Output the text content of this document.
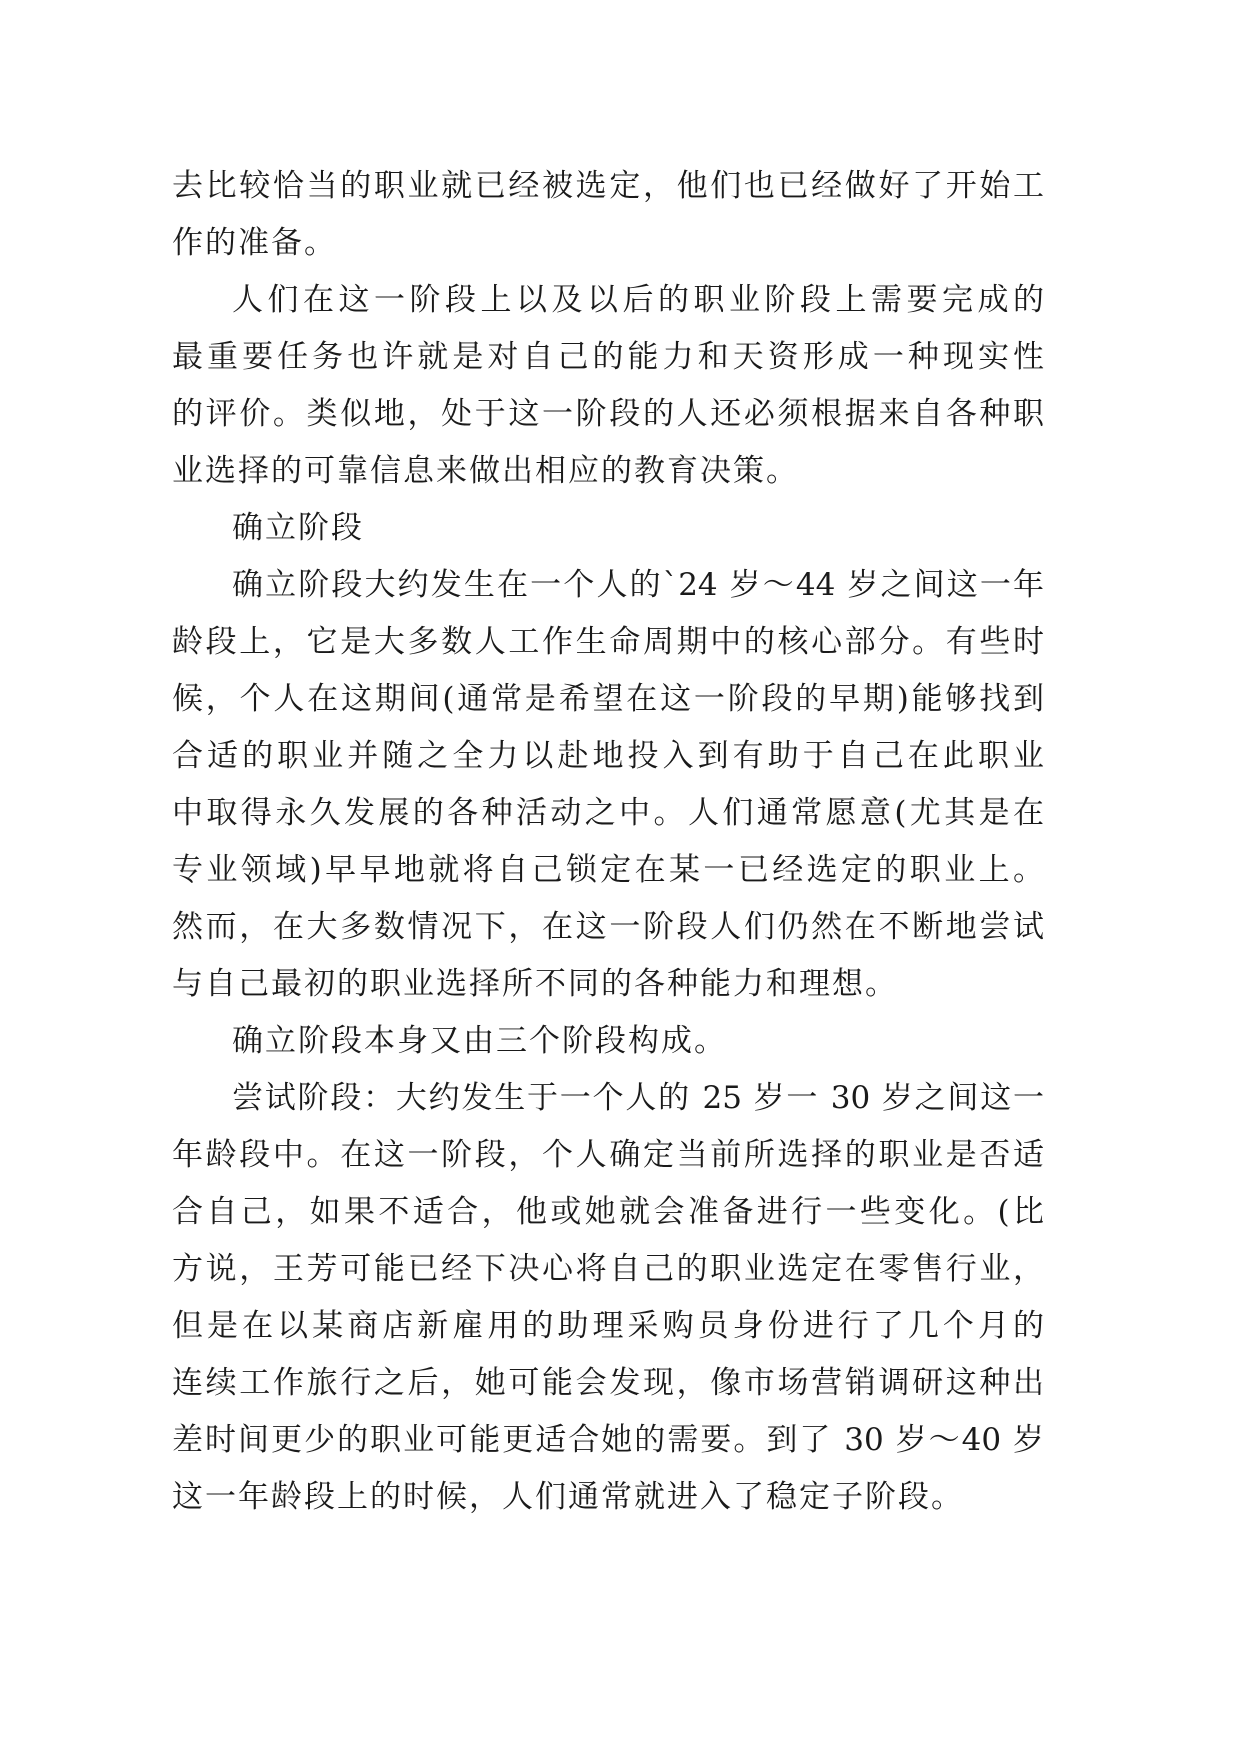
去比较恰当的职业就已经被选定，他们也已经做好了开始工
作的准备。
人们在这一阶段上以及以后的职业阶段上需要完成的
最重要任务也许就是对自己的能力和天资形成一种现实性
的评价。类似地，处于这一阶段的人还必须根据来自各种职
业选择的可靠信息来做出相应的教育决策。
确立阶段
确立阶段大约发生在一个人的`24 岁～44 岁之间这一年
龄段上，它是大多数人工作生命周期中的核心部分。有些时
候，个人在这期间(通常是希望在这一阶段的早期)能够找到
合适的职业并随之全力以赴地投入到有助于自己在此职业
中取得永久发展的各种活动之中。人们通常愿意(尤其是在
专业领域)早早地就将自己锁定在某一已经选定的职业上。
然而，在大多数情况下，在这一阶段人们仍然在不断地尝试
与自己最初的职业选择所不同的各种能力和理想。
确立阶段本身又由三个阶段构成。
尝试阶段：大约发生于一个人的 25 岁一 30 岁之间这一
年龄段中。在这一阶段，个人确定当前所选择的职业是否适
合自己，如果不适合，他或她就会准备进行一些变化。(比
方说，王芳可能已经下决心将自己的职业选定在零售行业，
但是在以某商店新雇用的助理采购员身份进行了几个月的
连续工作旅行之后，她可能会发现，像市场营销调研这种出
差时间更少的职业可能更适合她的需要。到了 30 岁～40 岁
这一年龄段上的时候，人们通常就进入了稳定子阶段。
